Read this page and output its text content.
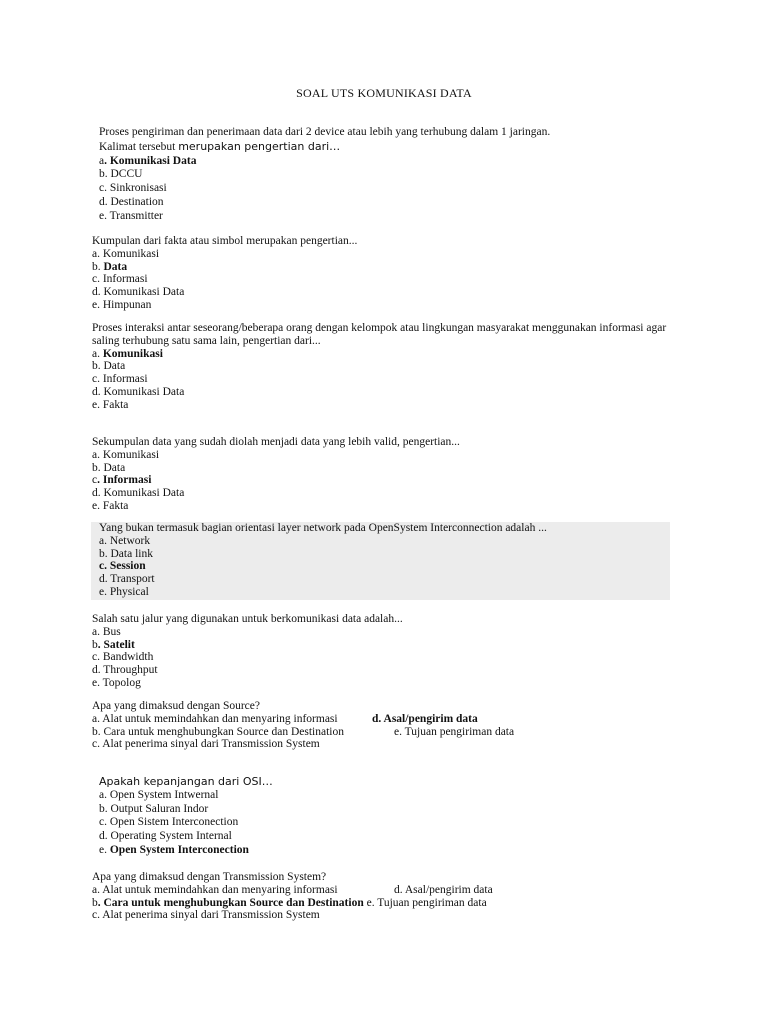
SOAL UTS KOMUNIKASI DATA
Proses pengiriman dan penerimaan data dari 2 device atau lebih yang terhubung dalam 1 jaringan.
Kalimat tersebut merupakan pengertian dari…
a. Komunikasi Data
b. DCCU
c. Sinkronisasi
d. Destination
e. Transmitter
Kumpulan dari fakta atau simbol merupakan pengertian...
a. Komunikasi
b. Data
c. Informasi
d. Komunikasi Data
e. Himpunan
Proses interaksi antar seseorang/beberapa orang dengan kelompok atau lingkungan masyarakat menggunakan informasi agar saling terhubung satu sama lain, pengertian dari...
a. Komunikasi
b. Data
c. Informasi
d. Komunikasi Data
e. Fakta
Sekumpulan data yang sudah diolah menjadi data yang lebih valid, pengertian...
a. Komunikasi
b. Data
c. Informasi
d. Komunikasi Data
e. Fakta
Yang bukan termasuk bagian orientasi layer network pada OpenSystem Interconnection adalah ...
a. Network
b. Data link
c. Session
d. Transport
e. Physical
Salah satu jalur yang digunakan untuk berkomunikasi data adalah...
a. Bus
b. Satelit
c. Bandwidth
d. Throughput
e. Topolog
Apa yang dimaksud dengan Source?
a. Alat untuk memindahkan dan menyaring informasi	d. Asal/pengirim data
b. Cara untuk menghubungkan Source dan Destination	e. Tujuan pengiriman data
c. Alat penerima sinyal dari Transmission System
Apakah kepanjangan dari OSI…
a. Open System Intwernal
b. Output Saluran Indor
c. Open Sistem Interconection
d. Operating System Internal
e. Open System Interconection
Apa yang dimaksud dengan Transmission System?
a. Alat untuk memindahkan dan menyaring informasi	d. Asal/pengirim data
b. Cara untuk menghubungkan Source dan Destination e. Tujuan pengiriman data
c. Alat penerima sinyal dari Transmission System
